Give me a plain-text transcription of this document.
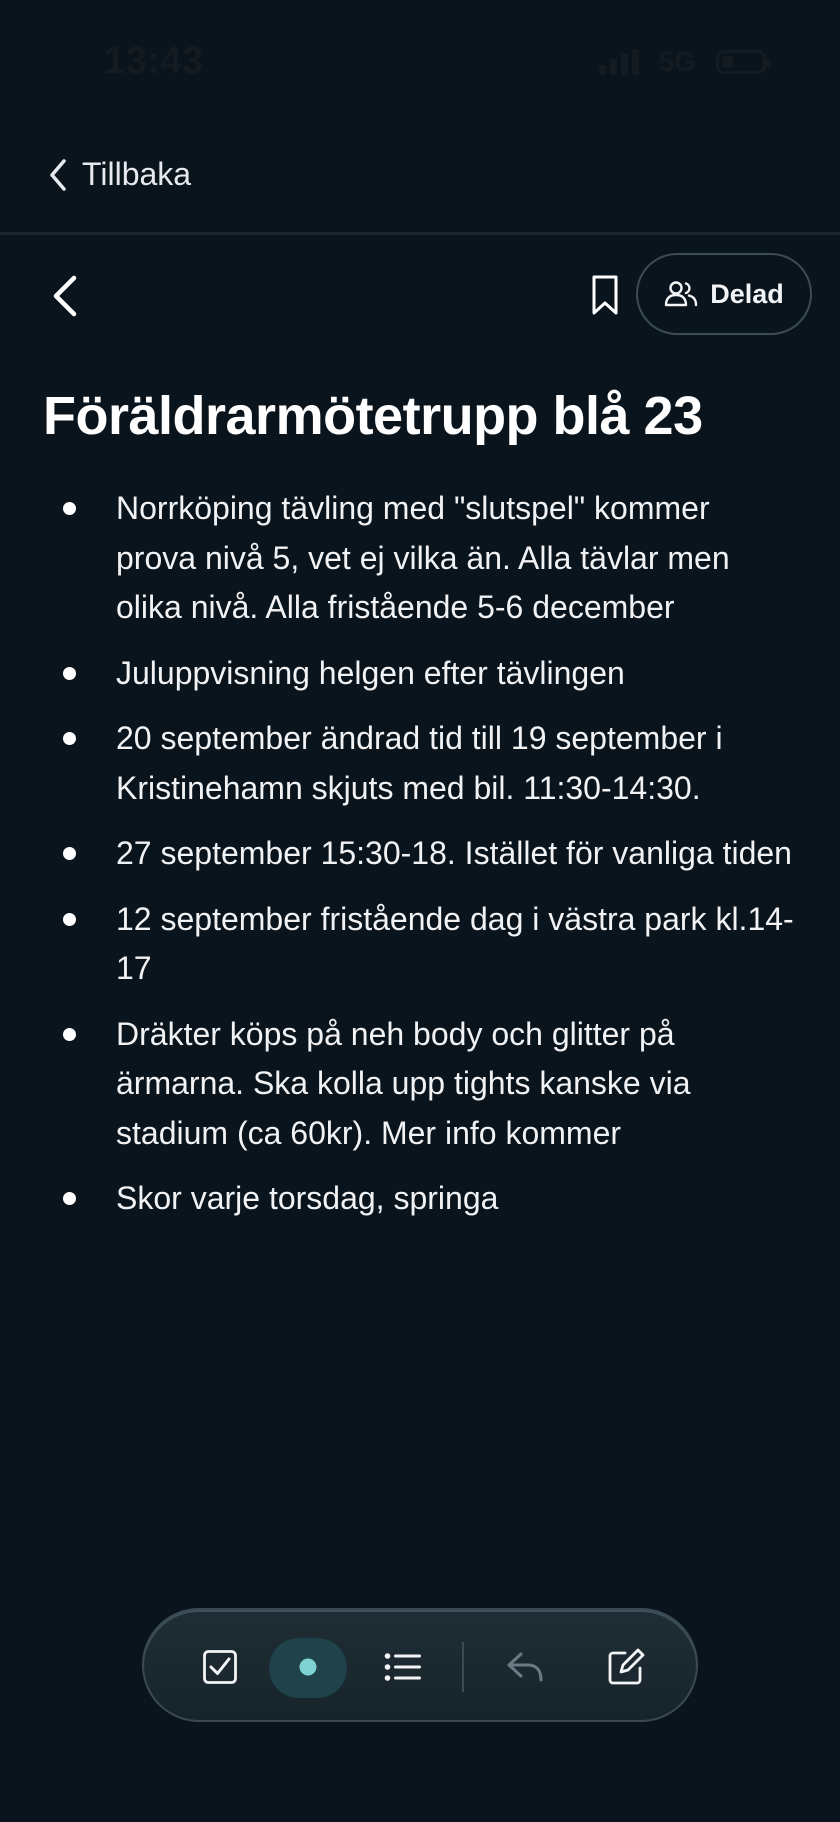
13:43	5G
Tillbaka
Delad
Föräldrarmötetrupp blå 23
Norrköping tävling med "slutspel" kommer prova nivå 5, vet ej vilka än. Alla tävlar men olika nivå. Alla fristående 5-6 december
Juluppvisning helgen efter tävlingen
20 september ändrad tid till 19 september i Kristinehamn skjuts med bil. 11:30-14:30.
27 september 15:30-18. Istället för vanliga tiden
12 september fristående dag i västra park kl.14-17
Dräkter köps på neh body och glitter på ärmarna. Ska kolla upp tights kanske via stadium (ca 60kr). Mer info kommer
Skor varje torsdag, springa
